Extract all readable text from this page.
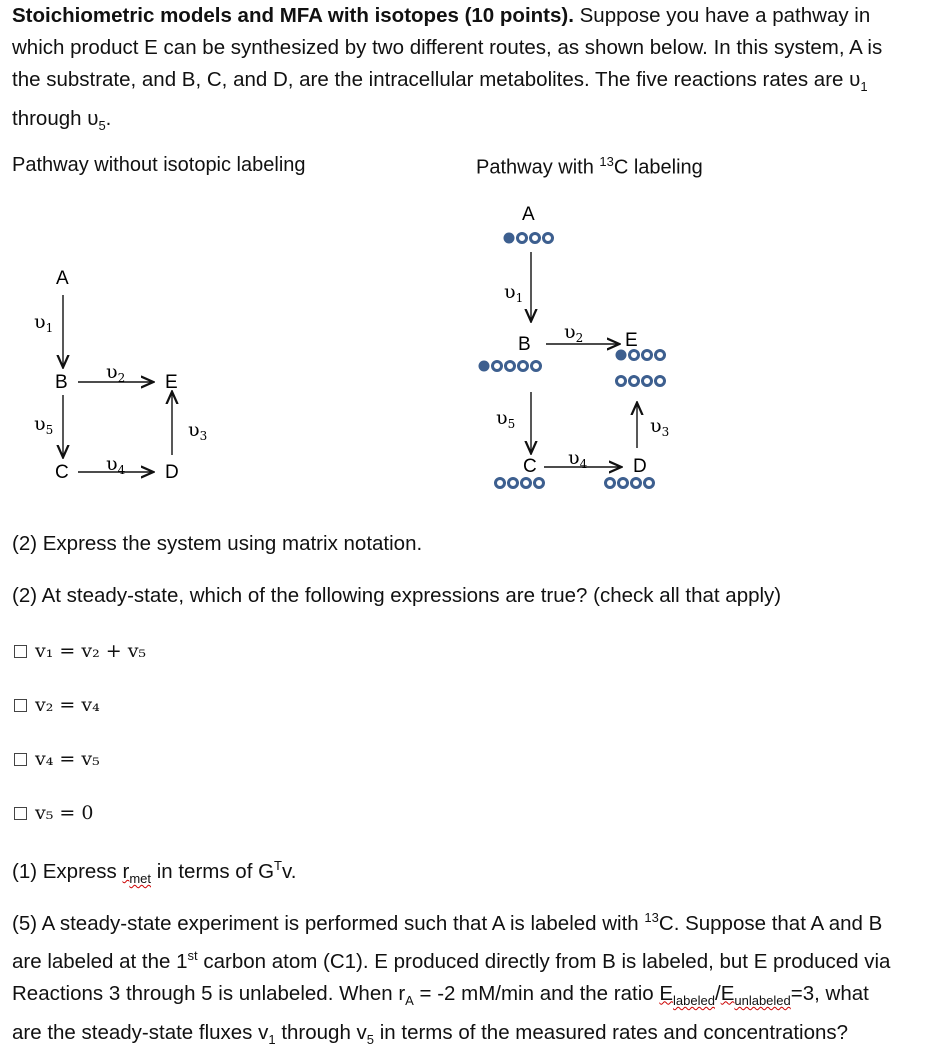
Stoichiometric models and MFA with isotopes (10 points). Suppose you have a pathway in
which product E can be synthesized by two different routes, as shown below. In this system, A is
the substrate, and B, C, and D, are the intracellular metabolites. The five reactions rates are $\upsilon_1$
through $\upsilon_5$.
Pathway without isotopic labeling	Pathway with $^{13}$C labeling
A
B
C	D
E
$\upsilon_1$
$\upsilon_2$
$\upsilon_5$
$\upsilon_4$
$\upsilon_3$
A
$\upsilon_1$
B
$\upsilon_2$ E
$\upsilon_5$	$\upsilon_3$
C $\upsilon_4$ D
(2) Express the system using matrix notation.
(2) At steady-state, which of the following expressions are true? (check all that apply)
v₁ = v₂ + v₅
v₂ = v₄
v₄ = v₅
v₅ = 0
(1) Express $r_{met}$ in terms of $G^Tv$.
(5) A steady-state experiment is performed such that A is labeled with $^{13}$C. Suppose that A and B
are labeled at the 1st carbon atom (C1). E produced directly from B is labeled, but E produced via
Reactions 3 through 5 is unlabeled. When $r_A = -2$ mM/min and the ratio $E_{labeled}/E_{unlabeled}=3$, what
are the steady-state fluxes $v_1$ through $v_5$ in terms of the measured rates and concentrations?
